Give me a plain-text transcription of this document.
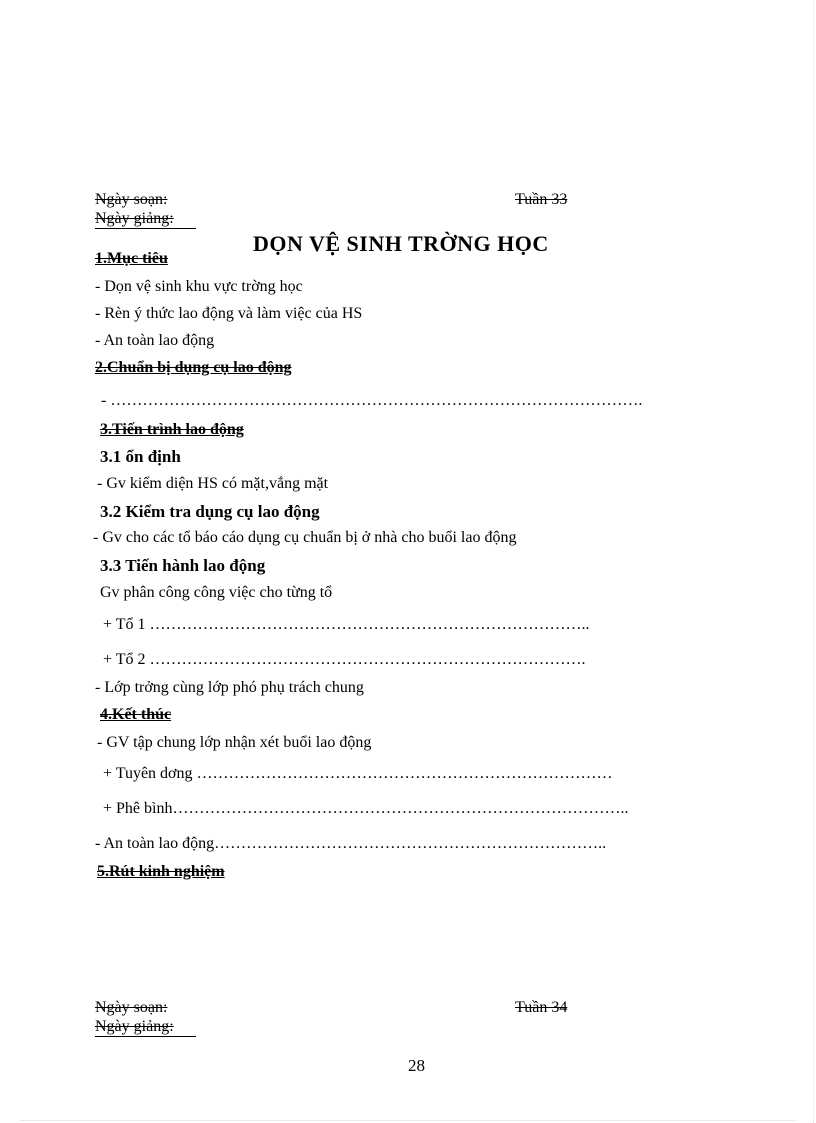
Ngày soạn:	Tuần 33
Ngày giảng:
DỌN VỆ SINH TRỜNG HỌC
1.Mục tiêu
- Dọn vệ sinh khu vực trờng học
- Rèn ý thức lao động và làm việc của HS
- An toàn lao động
2.Chuẩn bị dụng cụ lao động
- ……………………………………………………………………………………….
3.Tiến trình lao động
3.1 ổn định
- Gv kiểm diện HS có mặt,vắng mặt
3.2 Kiểm tra dụng cụ lao động
- Gv cho các tổ báo cáo dụng cụ chuẩn bị ở nhà cho buổi lao động
3.3 Tiến hành lao động
Gv phân công công việc cho từng tổ
+ Tổ 1 ………………………………………………………………………..
+ Tổ 2 ……………………………………………………………………….
- Lớp trởng cùng lớp phó phụ trách chung
4.Kết thúc
- GV tập chung lớp nhận xét buổi lao động
+ Tuyên dơng ……………………………………………………………………
+ Phê bình…………………………………………………………………………..
- An toàn lao động………………………………………………………………..
5.Rút kinh nghiệm
Ngày soạn:	Tuần 34
Ngày giảng:
28
